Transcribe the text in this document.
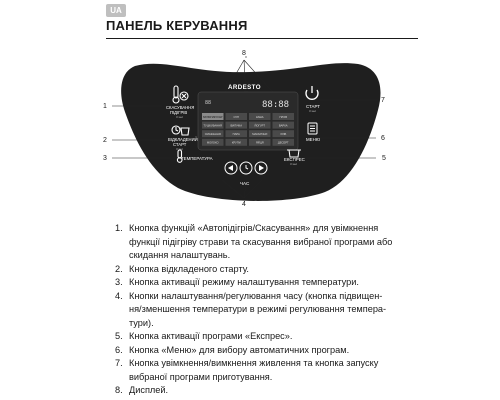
UA
ПАНЕЛЬ КЕРУВАННЯ
1
2
3
4
5
6
7
8
СКАСУВАННЯ
ПІДІГРІВ
3 sec
ВІДКЛАДЕНИЙ
СТАРТ
3 sec
ТЕМПЕРАТУРА
88
ARDESTO
88:88
МУЛЬТИКУХАР	СУП	КАША	ПЛОВ
ТУШКУВАННЯ	ВИПІЧКА	ЙОГУРТ	ВАРКА
СМАЖЕННЯ	ПАРА	МАКАРОНИ	ХЛІБ
МОЛОКО	КРУПИ	ЯЙЦЯ	ДЕСЕРТ
ЧАС
СТАРТ
3 sec
МЕНЮ
ЕКСПРЕС
3 sec
1. Кнопка функцій «Автопідігрів/Скасування» для увімкнення
функції підігріву страви та скасування вибраної програми або
скидання налаштувань.
2. Кнопка відкладеного старту.
3. Кнопка активації режиму налаштування температури.
4. Кнопки налаштування/регулювання часу (кнопка підвищен-
ня/зменшення температури в режимі регулювання темпера-
тури).
5. Кнопка активації програми «Експрес».
6. Кнопка «Меню» для вибору автоматичних програм.
7. Кнопка увімкнення/вимкнення живлення та кнопка запуску
вибраної програми приготування.
8. Дисплей.
